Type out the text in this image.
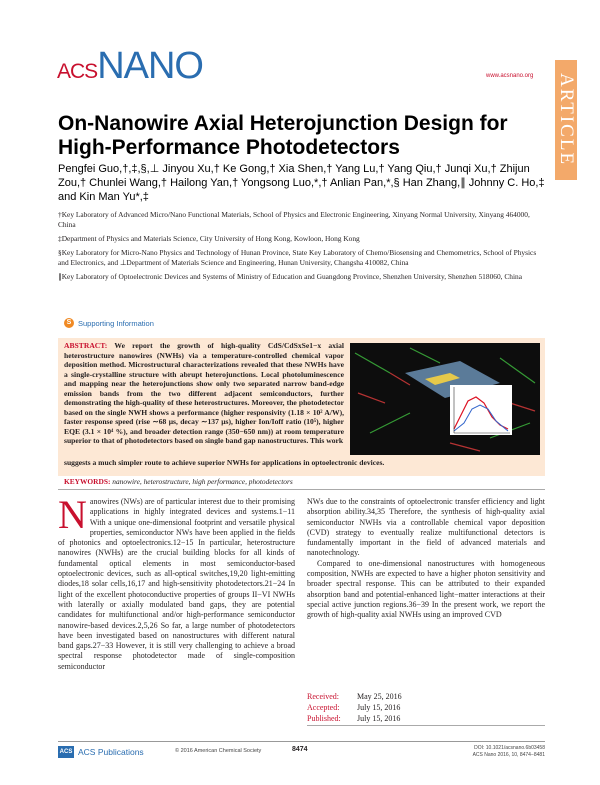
ACS NANO	www.acsnano.org ARTICLE
On-Nanowire Axial Heterojunction Design for High-Performance Photodetectors
Pengfei Guo,†,‡,§,⊥ Jinyou Xu,† Ke Gong,† Xia Shen,† Yang Lu,† Yang Qiu,† Junqi Xu,† Zhijun Zou,† Chunlei Wang,† Hailong Yan,† Yongsong Luo,*,† Anlian Pan,*,§ Han Zhang,∥ Johnny C. Ho,‡ and Kin Man Yu*,‡
†Key Laboratory of Advanced Micro/Nano Functional Materials, School of Physics and Electronic Engineering, Xinyang Normal University, Xinyang 464000, China
‡Department of Physics and Materials Science, City University of Hong Kong, Kowloon, Hong Kong
§Key Laboratory for Micro-Nano Physics and Technology of Hunan Province, State Key Laboratory of Chemo/Biosensing and Chemometrics, School of Physics and Electronics, and ⊥Department of Materials Science and Engineering, Hunan University, Changsha 410082, China
∥Key Laboratory of Optoelectronic Devices and Systems of Ministry of Education and Guangdong Province, Shenzhen University, Shenzhen 518060, China
S Supporting Information
ABSTRACT: We report the growth of high-quality CdS/CdSxSe1−x axial heterostructure nanowires (NWHs) via a temperature-controlled chemical vapor deposition method. Microstructural characterizations revealed that these NWHs have a single-crystalline structure with abrupt heterojunctions. Local photoluminescence and mapping near the heterojunctions show only two separated narrow band-edge emission bands from the two different adjacent semiconductors, further demonstrating the high-quality of these heterostructures. Moreover, the photodetector based on the single NWH shows a performance (higher responsivity (1.18 × 10² A/W), faster response speed (rise ∼68 μs, decay ∼137 μs), higher Ion/Ioff ratio (10⁵), higher EQE (3.1 × 10⁴ %), and broader detection range (350−650 nm)) at room temperature superior to that of photodetectors based on single band gap nanostructures. This work
suggests a much simpler route to achieve superior NWHs for applications in optoelectronic devices.
KEYWORDS: nanowire, heterostructure, high performance, photodetectors
N anowires (NWs) are of particular interest due to their promising applications in highly integrated devices and systems.1−11 With a unique one-dimensional footprint and versatile physical properties, semiconductor NWs have been applied in the fields of photonics and optoelectronics.12−15 In particular, heterostructure nanowires (NWHs) are the crucial building blocks for all kinds of fundamental optical elements in most semiconductor-based optoelectronic devices, such as all-optical switches,19,20 light-emitting diodes,18 solar cells,16,17 and high-sensitivity photodetectors.21−24 In light of the excellent photoconductive properties of groups II−VI NWHs with laterally or axially modulated band gaps, they are potential candidates for multifunctional and/or high-performance semiconductor nanowire-based devices.2,5,26 So far, a large number of photodetectors have been investigated based on nanostructures with different natural band gaps.27−33 However, it is still very challenging to achieve a broad spectral response photodetector made of single-composition semiconductor

NWs due to the constraints of optoelectronic transfer efficiency and light absorption ability.34,35 Therefore, the synthesis of high-quality axial semiconductor NWHs via a controllable chemical vapor deposition (CVD) strategy to eventually realize multifunctional detectors is fundamentally important in the field of advanced materials and nanotechnology.

Compared to one-dimensional nanostructures with homogeneous composition, NWHs are expected to have a higher photon sensitivity and broader spectral response. This can be attributed to their expanded absorption band and potential-enhanced light−matter interactions at their special active junction regions.36−39 In the present work, we report the growth of high-quality axial NWHs using an improved CVD

Received: May 25, 2016
Accepted: July 15, 2016
Published: July 15, 2016
ACS ACS Publications	© 2016 American Chemical Society	8474	DOI: 10.1021/acsnano.6b03458
ACS Nano 2016, 10, 8474−8481
